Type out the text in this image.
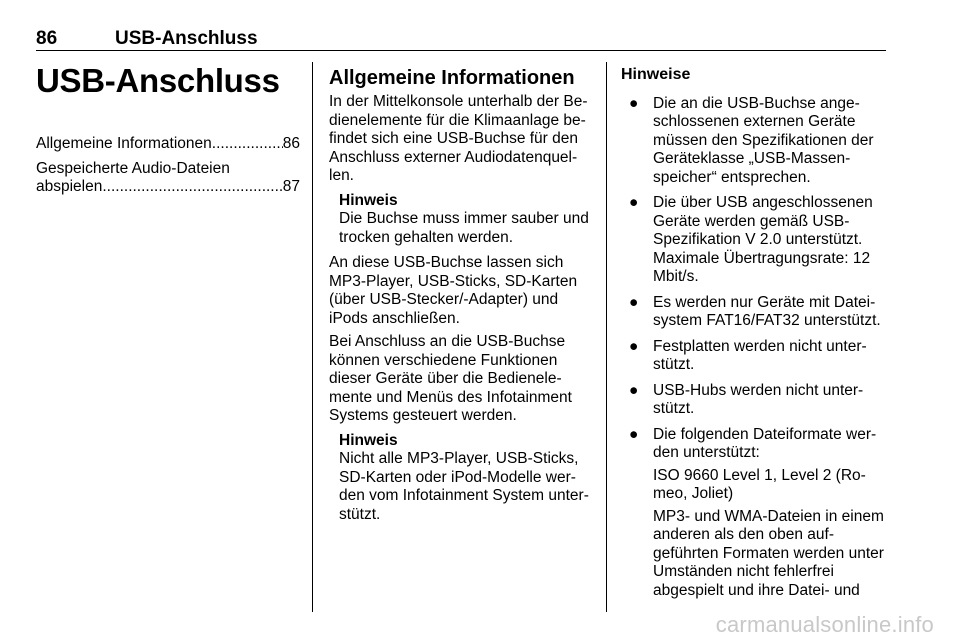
86	USB-Anschluss
USB-Anschluss
Allgemeine Informationen .....	86
Gespeicherte Audio-Dateien
abspielen .....	87
Allgemeine Informationen

In der Mittelkonsole unterhalb der Bedienelemente für die Klimaanlage befindet sich eine USB-Buchse für den Anschluss externer Audiodatenquellen.

Hinweis
Die Buchse muss immer sauber und trocken gehalten werden.

An diese USB-Buchse lassen sich MP3-Player, USB-Sticks, SD-Karten (über USB-Stecker/-Adapter) und iPods anschließen.

Bei Anschluss an die USB-Buchse können verschiedene Funktionen dieser Geräte über die Bedienelemente und Menüs des Infotainment Systems gesteuert werden.

Hinweis
Nicht alle MP3-Player, USB-Sticks, SD-Karten oder iPod-Modelle werden vom Infotainment System unterstützt.
Hinweise
● Die an die USB-Buchse angeschlossenen externen Geräte müssen den Spezifikationen der Geräteklasse „USB-Massenspeicher“ entsprechen.
● Die über USB angeschlossenen Geräte werden gemäß USB-Spezifikation V 2.0 unterstützt. Maximale Übertragungsrate: 12 Mbit/s.
● Es werden nur Geräte mit Dateisystem FAT16/FAT32 unterstützt.
● Festplatten werden nicht unterstützt.
● USB-Hubs werden nicht unterstützt.
● Die folgenden Dateiformate werden unterstützt:
ISO 9660 Level 1, Level 2 (Romeo, Joliet)
MP3- und WMA-Dateien in einem anderen als den oben aufgeführten Formaten werden unter Umständen nicht fehlerfrei abgespielt und ihre Datei- und
carmanualsonline.info
